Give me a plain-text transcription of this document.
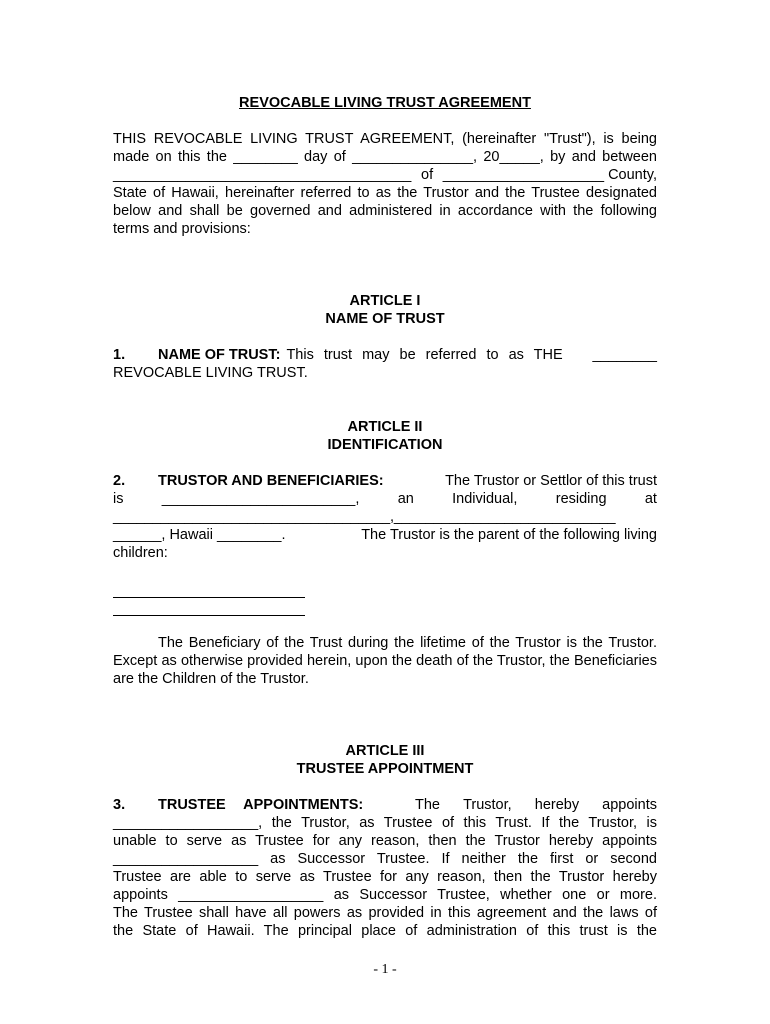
REVOCABLE LIVING TRUST AGREEMENT

THIS REVOCABLE LIVING TRUST AGREEMENT, (hereinafter "Trust"), is being

made on this the ________ day of _______________, 20_____, by and between

_____________________________________ of ____________________ County,

State of Hawaii, hereinafter referred to as the Trustor and the Trustee designated

below and shall be governed and administered in accordance with the following

terms and provisions:

ARTICLE I

NAME OF TRUST

1. NAME OF TRUST: This trust may be referred to as THE ________

REVOCABLE LIVING TRUST.

ARTICLE II

IDENTIFICATION

2. TRUSTOR AND BENEFICIARIES:	The Trustor or Settlor of this trust
is	________________________,	an	Individual,	residing	at

___________________________________,____________________________

______, Hawaii ________.	The Trustor is the parent of the following living

children:

The Beneficiary of the Trust during the lifetime of the Trustor is the Trustor. Except as otherwise provided herein, upon the death of the Trustor, the Beneficiaries are the Children of the Trustor.

ARTICLE III

TRUSTEE APPOINTMENT

3. TRUSTEE APPOINTMENTS:	The Trustor, hereby appoints

__________________, the Trustor, as Trustee of this Trust. If the Trustor, is

unable to serve as Trustee for any reason, then the Trustor hereby appoints

__________________ as Successor Trustee. If neither the first or second

Trustee are able to serve as Trustee for any reason, then the Trustor hereby

appoints __________________ as Successor Trustee, whether one or more.

The Trustee shall have all powers as provided in this agreement and the laws of

the State of Hawaii. The principal place of administration of this trust is the

- 1 -
